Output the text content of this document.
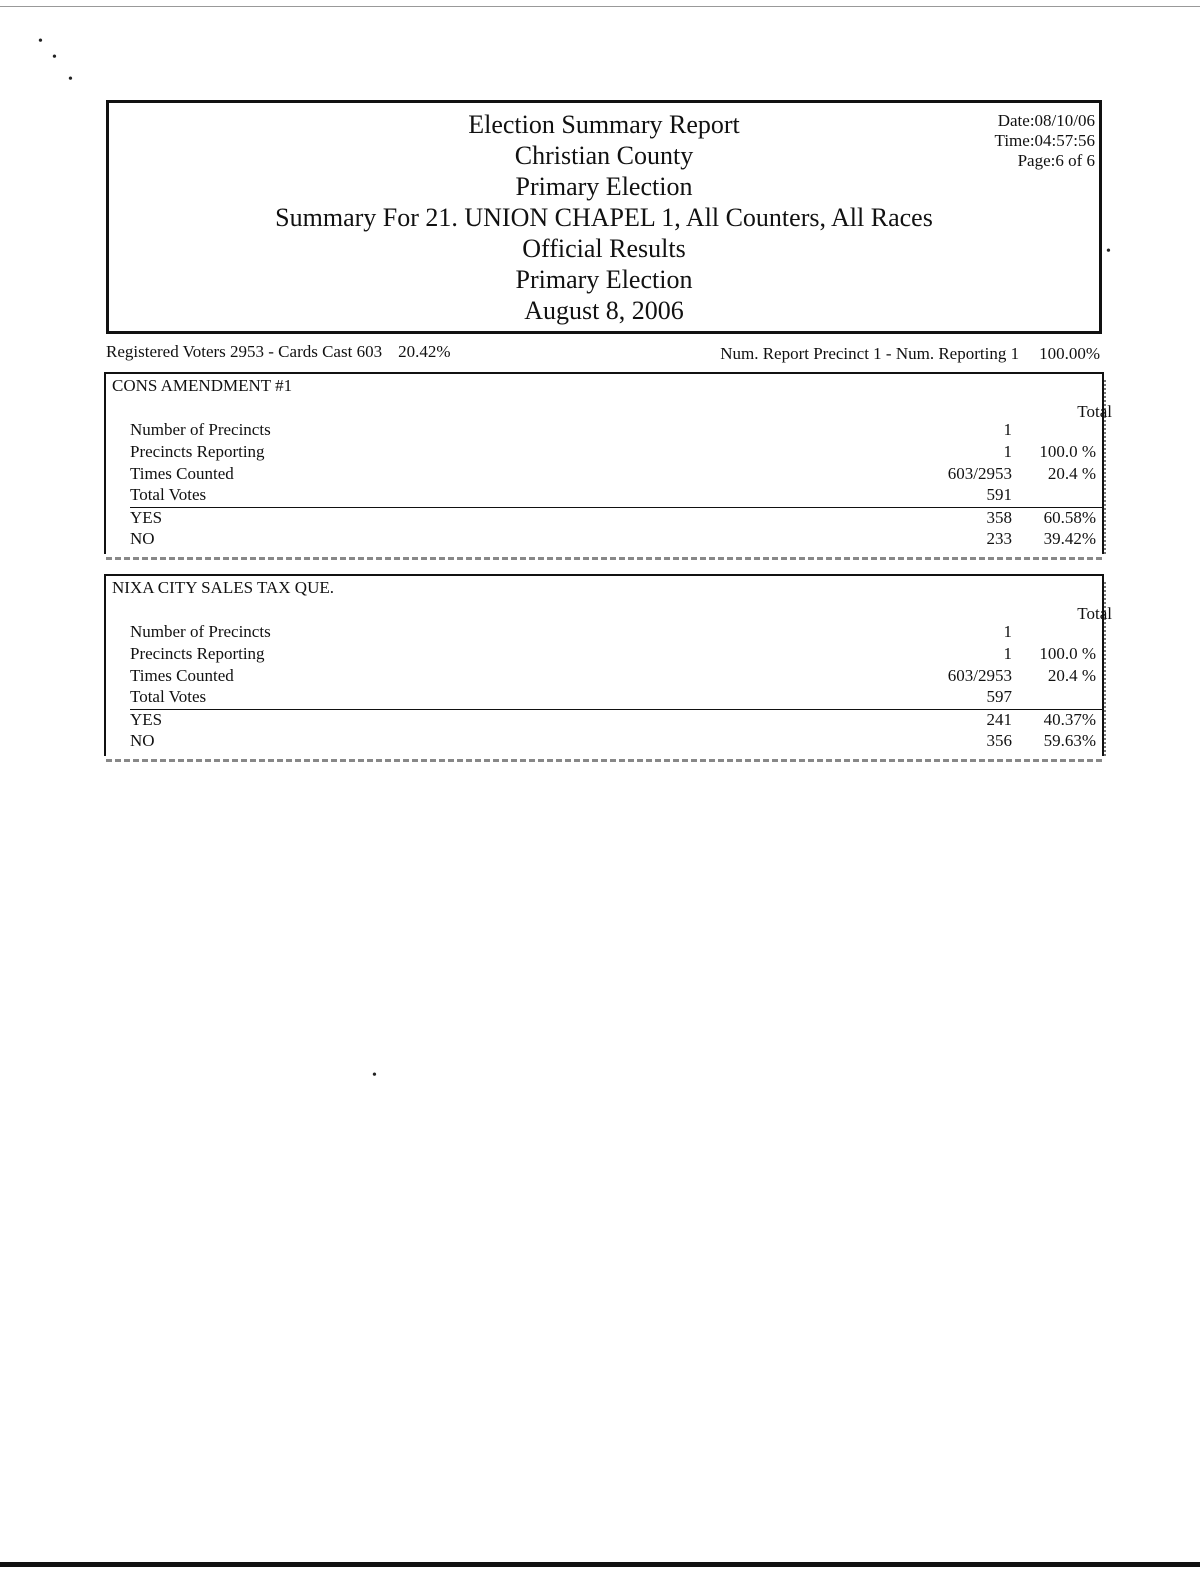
•
•
•
•
•
Election Summary Report
Christian County
Primary Election
Summary For 21. UNION CHAPEL 1, All Counters, All Races
Official Results
Primary Election
August 8, 2006
Date:08/10/06
Time:04:57:56
Page:6 of 6
Registered Voters 2953 - Cards Cast 603 20.42%	Num. Report Precinct 1 - Num. Reporting 1 100.00%
CONS AMENDMENT #1
Total
Number of Precincts	1
Precincts Reporting	1 100.0 %
Times Counted	603/2953 20.4 %
Total Votes	591
YES	358 60.58%
NO	233 39.42%
NIXA CITY SALES TAX QUE.
Total
Number of Precincts	1
Precincts Reporting	1 100.0 %
Times Counted	603/2953 20.4 %
Total Votes	597
YES	241 40.37%
NO	356 59.63%
